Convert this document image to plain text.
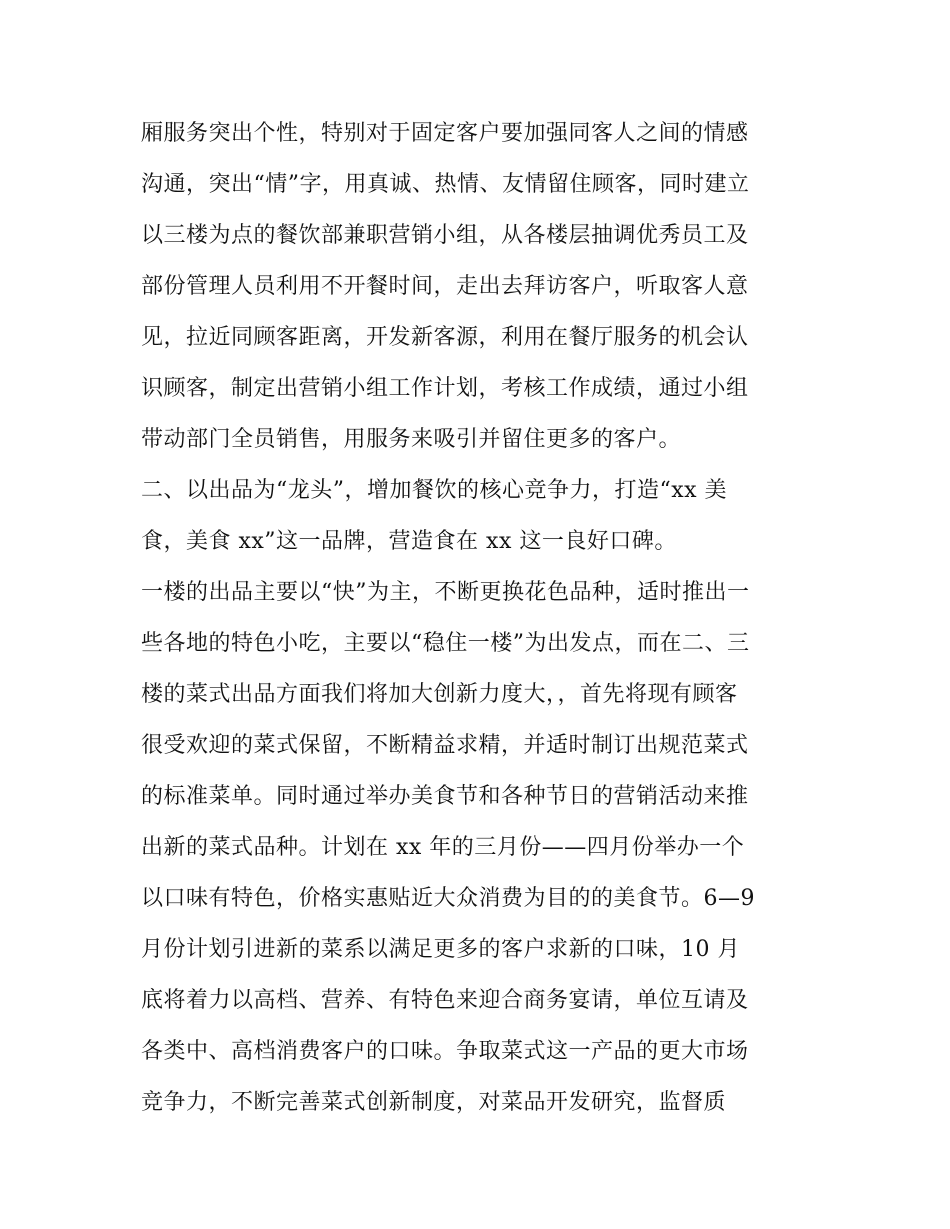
厢服务突出个性，特别对于固定客户要加强同客人之间的情感
沟通，突出“情”字，用真诚、热情、友情留住顾客，同时建立
以三楼为点的餐饮部兼职营销小组，从各楼层抽调优秀员工及
部份管理人员利用不开餐时间，走出去拜访客户，听取客人意
见，拉近同顾客距离，开发新客源，利用在餐厅服务的机会认
识顾客，制定出营销小组工作计划，考核工作成绩，通过小组
带动部门全员销售，用服务来吸引并留住更多的客户。
二、以出品为“龙头”，增加餐饮的核心竞争力，打造“xx 美
食，美食 xx”这一品牌，营造食在 xx 这一良好口碑。
一楼的出品主要以“快”为主，不断更换花色品种，适时推出一
些各地的特色小吃，主要以“稳住一楼”为出发点，而在二、三
楼的菜式出品方面我们将加大创新力度大，，首先将现有顾客
很受欢迎的菜式保留，不断精益求精，并适时制订出规范菜式
的标准菜单。同时通过举办美食节和各种节日的营销活动来推
出新的菜式品种。计划在 xx 年的三月份——四月份举办一个
以口味有特色，价格实惠贴近大众消费为目的的美食节。6—9
月份计划引进新的菜系以满足更多的客户求新的口味，10 月
底将着力以高档、营养、有特色来迎合商务宴请，单位互请及
各类中、高档消费客户的口味。争取菜式这一产品的更大市场
竞争力，不断完善菜式创新制度，对菜品开发研究，监督质
